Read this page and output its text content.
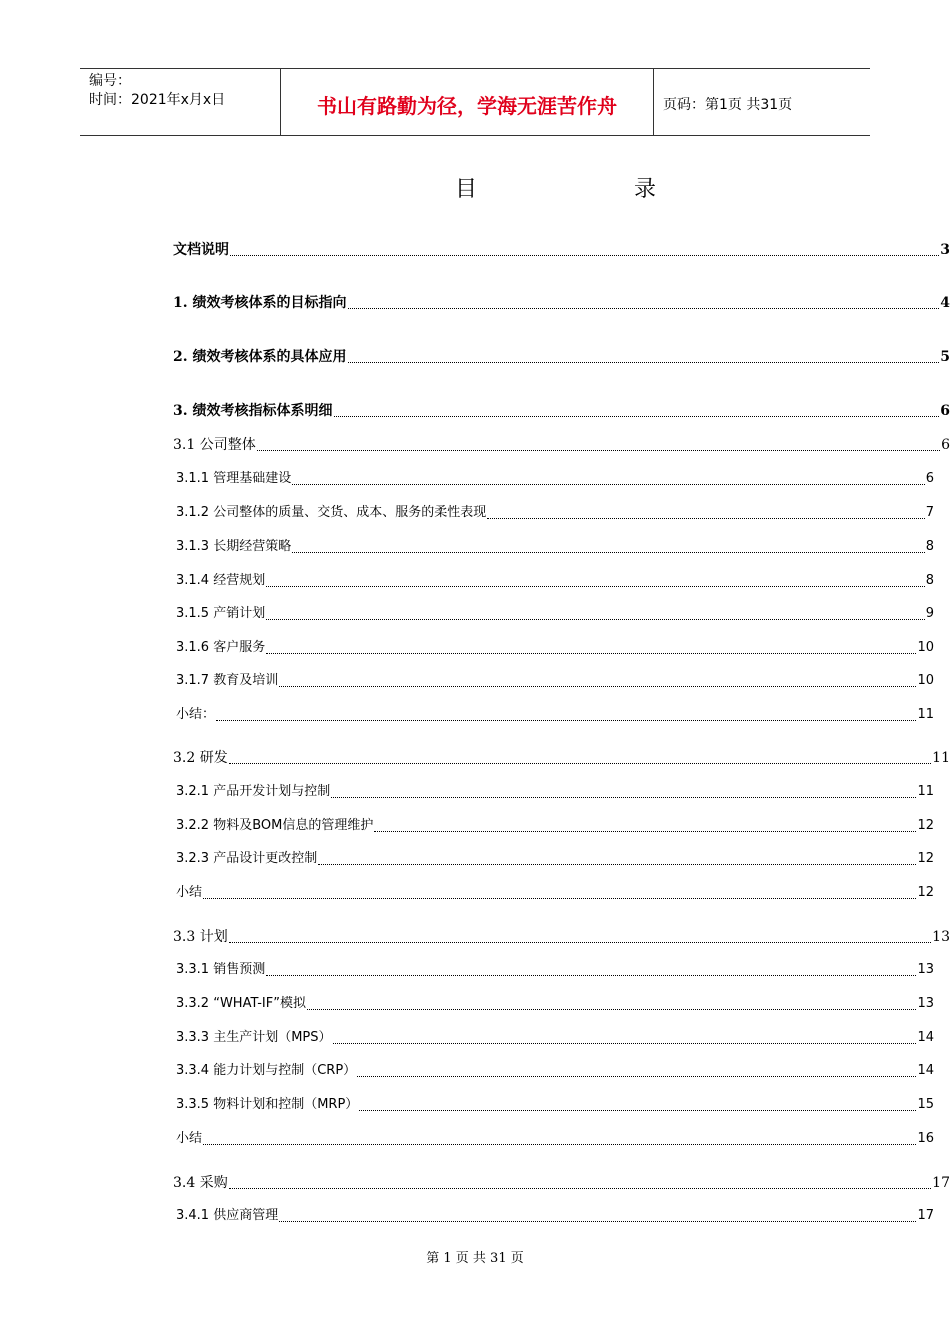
编号：
时间：2021年x月x日	书山有路勤为径，学海无涯苦作舟	页码：第1页 共31页
目	录
文档说明	3
1. 绩效考核体系的目标指向	4
2. 绩效考核体系的具体应用	5
3. 绩效考核指标体系明细	6
3.1 公司整体	6
3.1.1 管理基础建设	6
3.1.2 公司整体的质量、交货、成本、服务的柔性表现	7
3.1.3 长期经营策略	8
3.1.4 经营规划	8
3.1.5 产销计划	9
3.1.6 客户服务	10
3.1.7 教育及培训	10
小结：	11
3.2 研发	11
3.2.1 产品开发计划与控制	11
3.2.2 物料及BOM信息的管理维护	12
3.2.3 产品设计更改控制	12
小结	12
3.3 计划	13
3.3.1 销售预测	13
3.3.2 “WHAT-IF”模拟	13
3.3.3 主生产计划（MPS）	14
3.3.4 能力计划与控制（CRP）	14
3.3.5 物料计划和控制（MRP）	15
小结	16
3.4 采购	17
3.4.1 供应商管理	17
第 1 页 共 31 页
